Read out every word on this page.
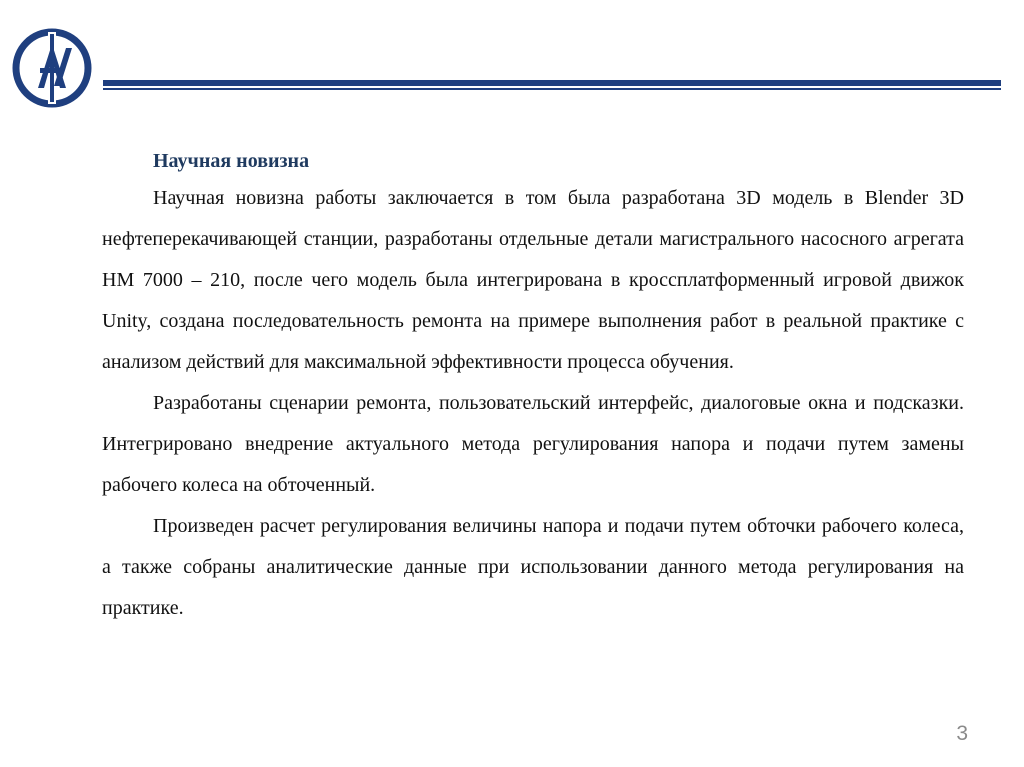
Научная новизна

Научная новизна работы заключается в том была разработана 3D модель в Blender 3D нефтеперекачивающей станции, разработаны отдельные детали магистрального насосного агрегата НМ 7000 – 210, после чего модель была интегрирована в кроссплатформенный игровой движок Unity, создана последовательность ремонта на примере выполнения работ в реальной практике с анализом действий для максимальной эффективности процесса обучения.

Разработаны сценарии ремонта, пользовательский интерфейс, диалоговые окна и подсказки. Интегрировано внедрение актуального метода регулирования напора и подачи путем замены рабочего колеса на обточенный.

Произведен расчет регулирования величины напора и подачи путем обточки рабочего колеса, а также собраны аналитические данные при использовании данного метода регулирования на практике.

3
